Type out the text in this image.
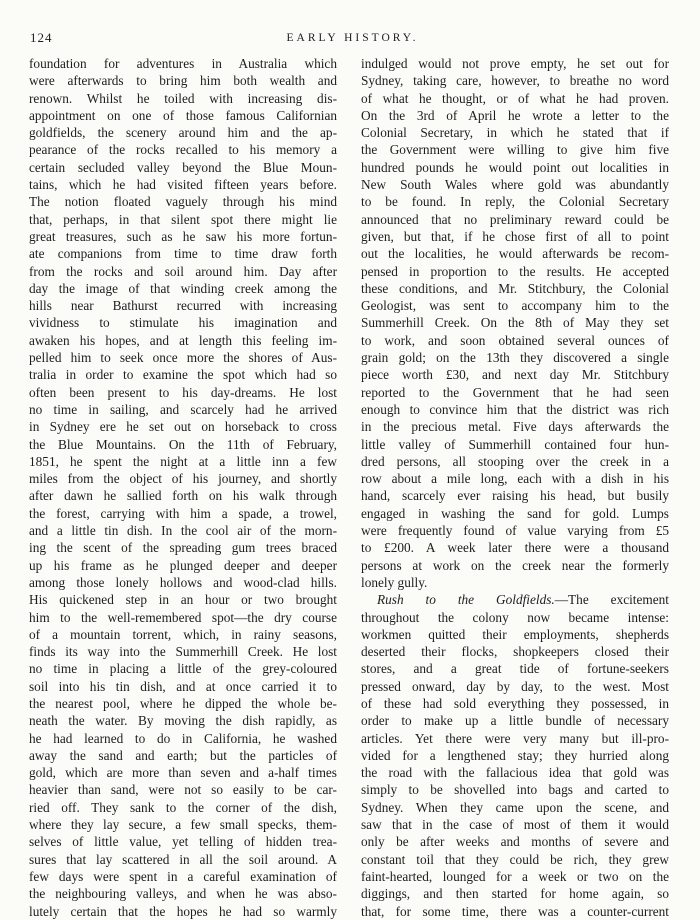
124	EARLY HISTORY.
foundation for adventures in Australia which
were afterwards to bring him both wealth and
renown. Whilst he toiled with increasing dis-
appointment on one of those famous Californian
goldfields, the scenery around him and the ap-
pearance of the rocks recalled to his memory a
certain secluded valley beyond the Blue Moun-
tains, which he had visited fifteen years before.
The notion floated vaguely through his mind
that, perhaps, in that silent spot there might lie
great treasures, such as he saw his more fortun-
ate companions from time to time draw forth
from the rocks and soil around him. Day after
day the image of that winding creek among the
hills near Bathurst recurred with increasing
vividness to stimulate his imagination and
awaken his hopes, and at length this feeling im-
pelled him to seek once more the shores of Aus-
tralia in order to examine the spot which had so
often been present to his day-dreams. He lost
no time in sailing, and scarcely had he arrived
in Sydney ere he set out on horseback to cross
the Blue Mountains. On the 11th of February,
1851, he spent the night at a little inn a few
miles from the object of his journey, and shortly
after dawn he sallied forth on his walk through
the forest, carrying with him a spade, a trowel,
and a little tin dish. In the cool air of the morn-
ing the scent of the spreading gum trees braced
up his frame as he plunged deeper and deeper
among those lonely hollows and wood-clad hills.
His quickened step in an hour or two brought
him to the well-remembered spot—the dry course
of a mountain torrent, which, in rainy seasons,
finds its way into the Summerhill Creek. He lost
no time in placing a little of the grey-coloured
soil into his tin dish, and at once carried it to
the nearest pool, where he dipped the whole be-
neath the water. By moving the dish rapidly, as
he had learned to do in California, he washed
away the sand and earth; but the particles of
gold, which are more than seven and a-half times
heavier than sand, were not so easily to be car-
ried off. They sank to the corner of the dish,
where they lay secure, a few small specks, them-
selves of little value, yet telling of hidden trea-
sures that lay scattered in all the soil around. A
few days were spent in a careful examination of
the neighbouring valleys, and when he was abso-
lutely certain that the hopes he had so warmly
indulged would not prove empty, he set out for
Sydney, taking care, however, to breathe no word
of what he thought, or of what he had proven.
On the 3rd of April he wrote a letter to the
Colonial Secretary, in which he stated that if
the Government were willing to give him five
hundred pounds he would point out localities in
New South Wales where gold was abundantly
to be found. In reply, the Colonial Secretary
announced that no preliminary reward could be
given, but that, if he chose first of all to point
out the localities, he would afterwards be recom-
pensed in proportion to the results. He accepted
these conditions, and Mr. Stitchbury, the Colonial
Geologist, was sent to accompany him to the
Summerhill Creek. On the 8th of May they set
to work, and soon obtained several ounces of
grain gold; on the 13th they discovered a single
piece worth £30, and next day Mr. Stitchbury
reported to the Government that he had seen
enough to convince him that the district was rich
in the precious metal. Five days afterwards the
little valley of Summerhill contained four hun-
dred persons, all stooping over the creek in a
row about a mile long, each with a dish in his
hand, scarcely ever raising his head, but busily
engaged in washing the sand for gold. Lumps
were frequently found of value varying from £5
to £200. A week later there were a thousand
persons at work on the creek near the formerly
lonely gully.
Rush to the Goldfields.—The excitement
throughout the colony now became intense:
workmen quitted their employments, shepherds
deserted their flocks, shopkeepers closed their
stores, and a great tide of fortune-seekers
pressed onward, day by day, to the west. Most
of these had sold everything they possessed, in
order to make up a little bundle of necessary
articles. Yet there were very many but ill-pro-
vided for a lengthened stay; they hurried along
the road with the fallacious idea that gold was
simply to be shovelled into bags and carted to
Sydney. When they came upon the scene, and
saw that in the case of most of them it would
only be after weeks and months of severe and
constant toil that they could be rich, they grew
faint-hearted, lounged for a week or two on the
diggings, and then started for home again, so
that, for some time, there was a counter-current
